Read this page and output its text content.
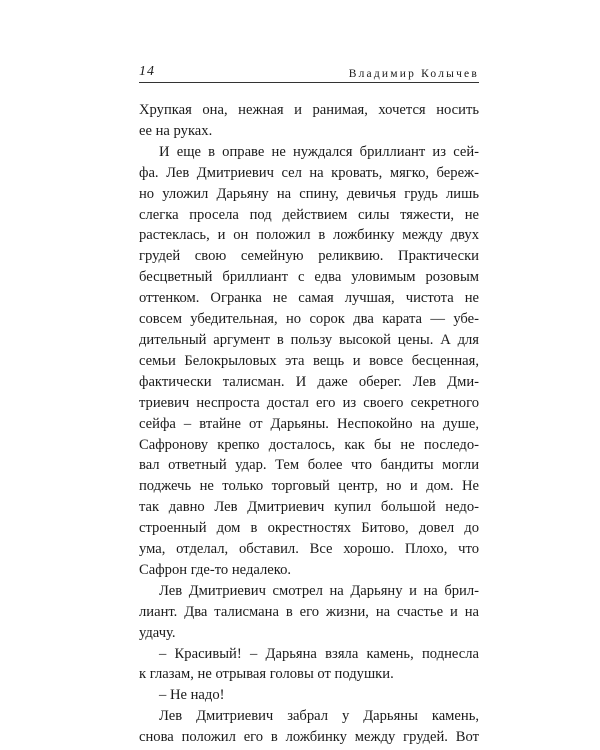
14	Владимир Колычев
Хрупкая она, нежная и ранимая, хочется носить
ее на руках.
И еще в оправе не нуждался бриллиант из сей-
фа. Лев Дмитриевич сел на кровать, мягко, береж-
но уложил Дарьяну на спину, девичья грудь лишь
слегка просела под действием силы тяжести, не
растеклась, и он положил в ложбинку между двух
грудей свою семейную реликвию. Практически
бесцветный бриллиант с едва уловимым розовым
оттенком. Огранка не самая лучшая, чистота не
совсем убедительная, но сорок два карата — убе-
дительный аргумент в пользу высокой цены. А для
семьи Белокрыловых эта вещь и вовсе бесценная,
фактически талисман. И даже оберег. Лев Дми-
триевич неспроста достал его из своего секретного
сейфа – втайне от Дарьяны. Неспокойно на душе,
Сафронову крепко досталось, как бы не последо-
вал ответный удар. Тем более что бандиты могли
поджечь не только торговый центр, но и дом. Не
так давно Лев Дмитриевич купил большой недо-
строенный дом в окрестностях Битово, довел до
ума, отделал, обставил. Все хорошо. Плохо, что
Сафрон где-то недалеко.
Лев Дмитриевич смотрел на Дарьяну и на брил-
лиант. Два талисмана в его жизни, на счастье и на
удачу.
– Красивый! – Дарьяна взяла камень, поднесла
к глазам, не отрывая головы от подушки.
– Не надо!
Лев Дмитриевич забрал у Дарьяны камень,
снова положил его в ложбинку между грудей. Вот
